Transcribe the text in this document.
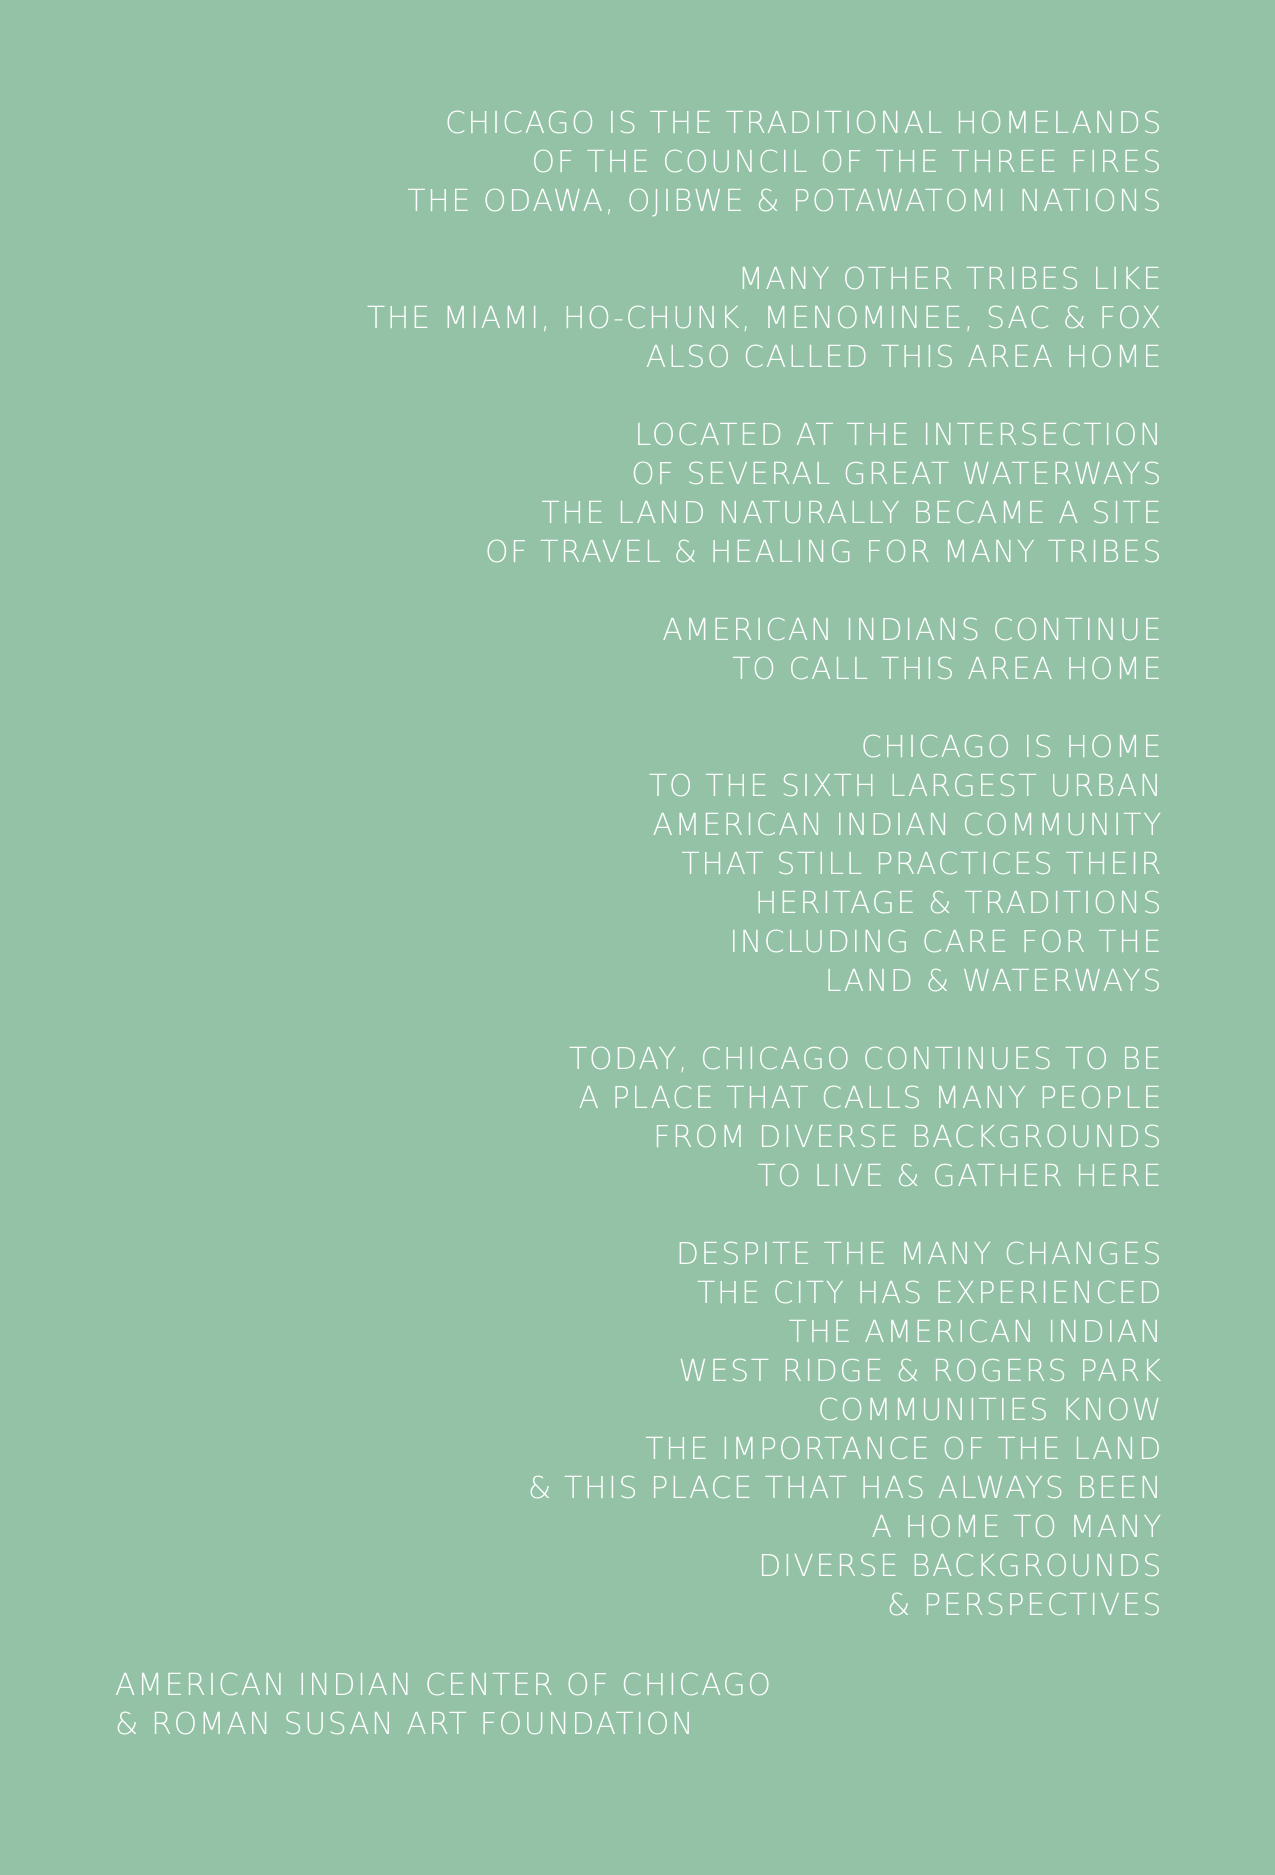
CHICAGO IS THE TRADITIONAL HOMELANDS
OF THE COUNCIL OF THE THREE FIRES
THE ODAWA, OJIBWE & POTAWATOMI NATIONS
MANY OTHER TRIBES LIKE
THE MIAMI, HO-CHUNK, MENOMINEE, SAC & FOX
ALSO CALLED THIS AREA HOME
LOCATED AT THE INTERSECTION
OF SEVERAL GREAT WATERWAYS
THE LAND NATURALLY BECAME A SITE
OF TRAVEL & HEALING FOR MANY TRIBES
AMERICAN INDIANS CONTINUE
TO CALL THIS AREA HOME
CHICAGO IS HOME
TO THE SIXTH LARGEST URBAN
AMERICAN INDIAN COMMUNITY
THAT STILL PRACTICES THEIR
HERITAGE & TRADITIONS
INCLUDING CARE FOR THE
LAND & WATERWAYS
TODAY, CHICAGO CONTINUES TO BE
A PLACE THAT CALLS MANY PEOPLE
FROM DIVERSE BACKGROUNDS
TO LIVE & GATHER HERE
DESPITE THE MANY CHANGES
THE CITY HAS EXPERIENCED
THE AMERICAN INDIAN
WEST RIDGE & ROGERS PARK
COMMUNITIES KNOW
THE IMPORTANCE OF THE LAND
& THIS PLACE THAT HAS ALWAYS BEEN
A HOME TO MANY
DIVERSE BACKGROUNDS
& PERSPECTIVES
AMERICAN INDIAN CENTER OF CHICAGO
& ROMAN SUSAN ART FOUNDATION
